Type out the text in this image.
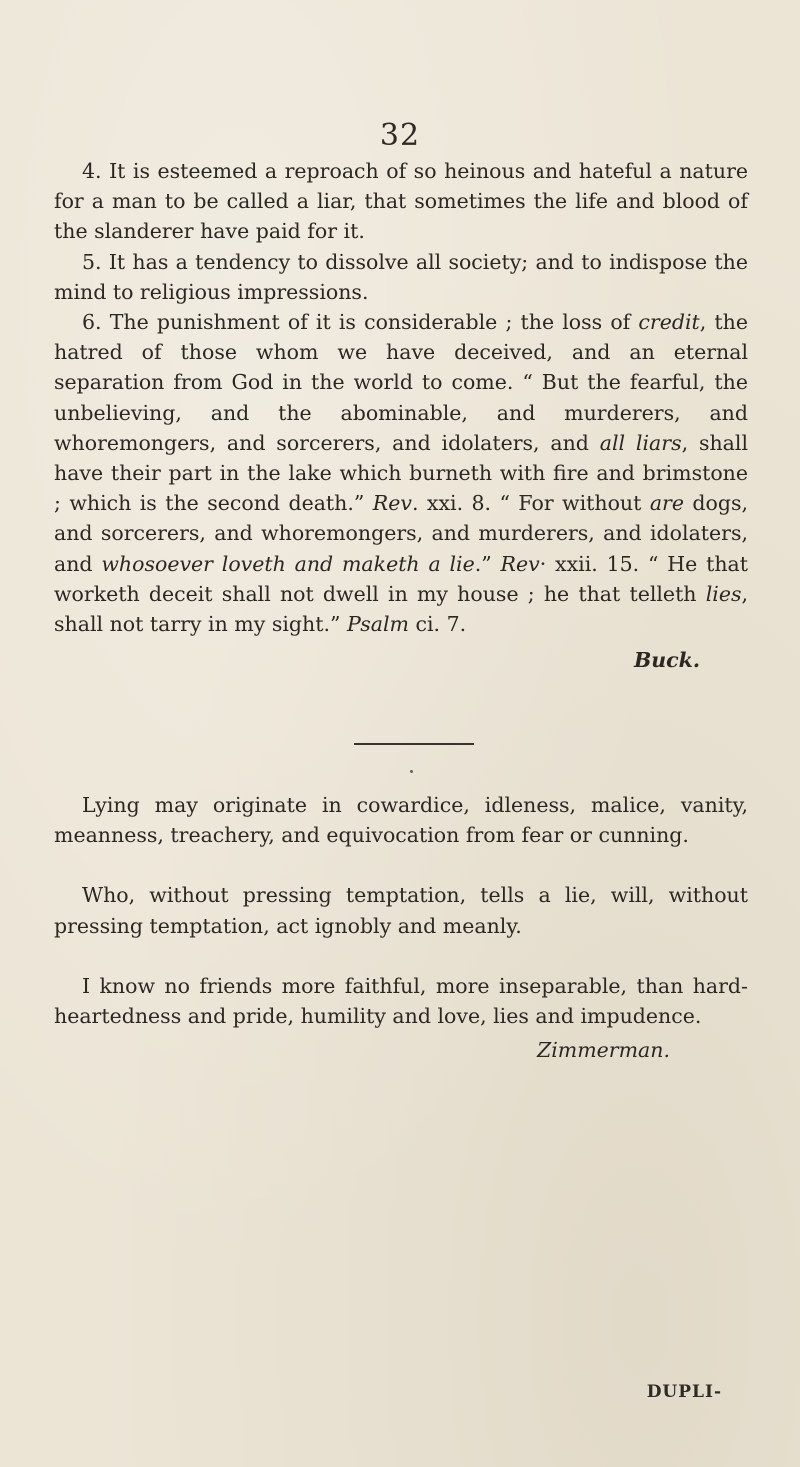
32

4. It is esteemed a reproach of so heinous and hateful a nature for a man to be called a liar, that sometimes the life and blood of the slanderer have paid for it.

5. It has a tendency to dissolve all society; and to indispose the mind to religious impressions.

6. The punishment of it is considerable ; the loss of credit, the hatred of those whom we have deceived, and an eternal separation from God in the world to come. “ But the fearful, the unbelieving, and the abominable, and murderers, and whoremongers, and sorcerers, and idolaters, and all liars, shall have their part in the lake which burneth with fire and brimstone ; which is the second death.” Rev. xxi. 8. “ For without are dogs, and sorcerers, and whoremongers, and murderers, and idolaters, and whosoever loveth and maketh a lie.” Rev· xxii. 15. “ He that worketh deceit shall not dwell in my house ; he that telleth lies, shall not tarry in my sight.” Psalm ci. 7.

Buck.

Lying may originate in cowardice, idleness, malice, vanity, meanness, treachery, and equivocation from fear or cunning.

Who, without pressing temptation, tells a lie, will, without pressing temptation, act ignobly and meanly.

I know no friends more faithful, more inseparable, than hard-heartedness and pride, humility and love, lies and impudence.

Zimmerman.

DUPLI-
